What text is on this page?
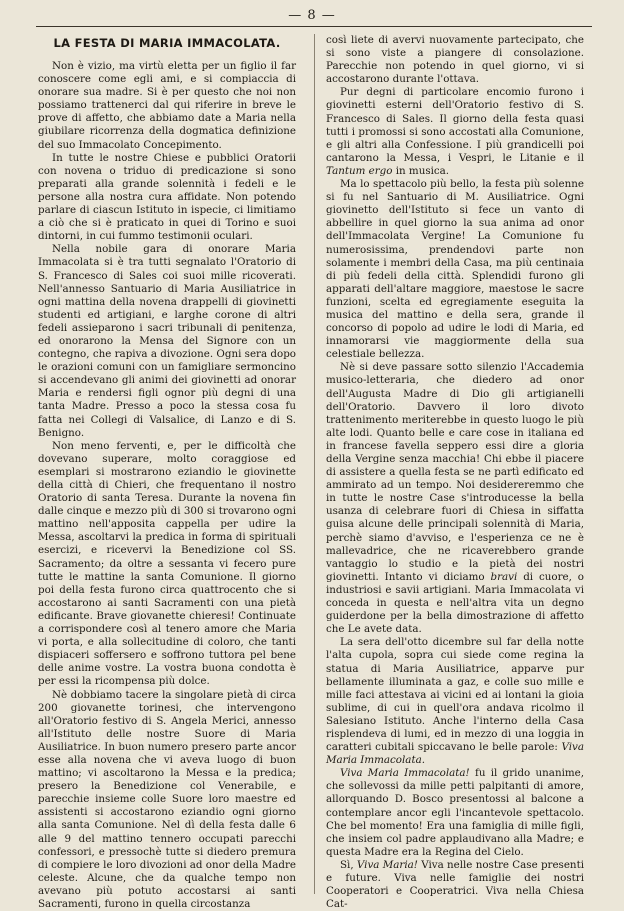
— 8 —
LA FESTA DI MARIA IMMACOLATA.

Non è vizio, ma virtù eletta per un figlio il far conoscere come egli ami, e si compiaccia di onorare sua madre. Si è per questo che noi non possiamo trattenerci dal qui riferire in breve le prove di affetto, che abbiamo date a Maria nella giubilare ricorrenza della dogmatica definizione del suo Immacolato Concepimento.

In tutte le nostre Chiese e pubblici Oratorii con novena o triduo di predicazione si sono preparati alla grande solennità i fedeli e le persone alla nostra cura affidate. Non potendo parlare di ciascun Istituto in ispecie, ci limitiamo a ciò che si è praticato in quei di Torino e suoi dintorni, in cui fummo testimonii oculari.

Nella nobile gara di onorare Maria Immacolata si è tra tutti segnalato l'Oratorio di S. Francesco di Sales coi suoi mille ricoverati. Nell'annesso Santuario di Maria Ausiliatrice in ogni mattina della novena drappelli di giovinetti studenti ed artigiani, e larghe corone di altri fedeli assieparono i sacri tribunali di penitenza, ed onorarono la Mensa del Signore con un contegno, che rapiva a divozione. Ogni sera dopo le orazioni comuni con un famigliare sermoncino si accendevano gli animi dei giovinetti ad onorar Maria e rendersi figli ognor più degni di una tanta Madre. Presso a poco la stessa cosa fu fatta nei Collegi di Valsalice, di Lanzo e di S. Benigno.

Non meno ferventi, e, per le difficoltà che dovevano superare, molto coraggiose ed esemplari si mostrarono eziandio le giovinette della città di Chieri, che frequentano il nostro Oratorio di santa Teresa. Durante la novena fin dalle cinque e mezzo più di 300 si trovarono ogni mattino nell'apposita cappella per udire la Messa, ascoltarvi la predica in forma di spirituali esercizi, e ricevervi la Benedizione col SS. Sacramento; da oltre a sessanta vi fecero pure tutte le mattine la santa Comunione. Il giorno poi della festa furono circa quattrocento che si accostarono ai santi Sacramenti con una pietà edificante. Brave giovanette chieresi! Continuate a corrispondere così al tenero amore che Maria vi porta, e alla sollecitudine di coloro, che tanti dispiaceri soffersero e soffrono tuttora pel bene delle anime vostre. La vostra buona condotta è per essi la ricompensa più dolce.

Nè dobbiamo tacere la singolare pietà di circa 200 giovanette torinesi, che intervengono all'Oratorio festivo di S. Angela Merici, annesso all'Istituto delle nostre Suore di Maria Ausiliatrice. In buon numero presero parte ancor esse alla novena che vi aveva luogo di buon mattino; vi ascoltarono la Messa e la predica; presero la Benedizione col Venerabile, e parecchie insieme colle Suore loro maestre ed assistenti si accostarono eziandio ogni giorno alla santa Comunione. Nel dì della festa dalle 6 alle 9 del mattino tennero occupati parecchi confessori, e pressochè tutte si diedero premura di compiere le loro divozioni ad onor della Madre celeste. Alcune, che da qualche tempo non avevano più potuto accostarsi ai santi Sacramenti, furono in quella circostanza

così liete di avervi nuovamente partecipato, che si sono viste a piangere di consolazione. Parecchie non potendo in quel giorno, vi si accostarono durante l'ottava.

Pur degni di particolare encomio furono i giovinetti esterni dell'Oratorio festivo di S. Francesco di Sales. Il giorno della festa quasi tutti i promossi si sono accostati alla Comunione, e gli altri alla Confessione. I più grandicelli poi cantarono la Messa, i Vespri, le Litanie e il Tantum ergo in musica.

Ma lo spettacolo più bello, la festa più solenne si fu nel Santuario di M. Ausiliatrice. Ogni giovinetto dell'Istituto si fece un vanto di abbellire in quel giorno la sua anima ad onor dell'Immacolata Vergine! La Comunione fu numerosissima, prendendovi parte non solamente i membri della Casa, ma più centinaia di più fedeli della città. Splendidi furono gli apparati dell'altare maggiore, maestose le sacre funzioni, scelta ed egregiamente eseguita la musica del mattino e della sera, grande il concorso di popolo ad udire le lodi di Maria, ed innamorarsi vie maggiormente della sua celestiale bellezza.

Nè si deve passare sotto silenzio l'Accademia musico-letteraria, che diedero ad onor dell'Augusta Madre di Dio gli artigianelli dell'Oratorio. Davvero il loro divoto trattenimento meriterebbe in questo luogo le più alte lodi. Quanto belle e care cose in italiana ed in francese favella seppero essi dire a gloria della Vergine senza macchia! Chi ebbe il piacere di assistere a quella festa se ne partì edificato ed ammirato ad un tempo. Noi desidereremmo che in tutte le nostre Case s'introducesse la bella usanza di celebrare fuori di Chiesa in siffatta guisa alcune delle principali solennità di Maria, perchè siamo d'avviso, e l'esperienza ce ne è mallevadrice, che ne ricaverebbero grande vantaggio lo studio e la pietà dei nostri giovinetti. Intanto vi diciamo bravi di cuore, o industriosi e savii artigiani. Maria Immacolata vi conceda in questa e nell'altra vita un degno guiderdone per la bella dimostrazione di affetto che Le avete data.

La sera dell'otto dicembre sul far della notte l'alta cupola, sopra cui siede come regina la statua di Maria Ausiliatrice, apparve pur bellamente illuminata a gaz, e colle suo mille e mille faci attestava ai vicini ed ai lontani la gioia sublime, di cui in quell'ora andava ricolmo il Salesiano Istituto. Anche l'interno della Casa risplendeva di lumi, ed in mezzo di una loggia in caratteri cubitali spiccavano le belle parole: Viva Maria Immacolata.

Viva Maria Immacolata! fu il grido unanime, che sollevossi da mille petti palpitanti di amore, allorquando D. Bosco presentossi al balcone a contemplare ancor egli l'incantevole spettacolo. Che bel momento! Era una famiglia di mille figli, che insiem col padre applaudivano alla Madre; e questa Madre era la Regina del Cielo.

Sì, Viva Maria! Viva nelle nostre Case presenti e future. Viva nelle famiglie dei nostri Cooperatori e Cooperatrici. Viva nella Chiesa Cat-
